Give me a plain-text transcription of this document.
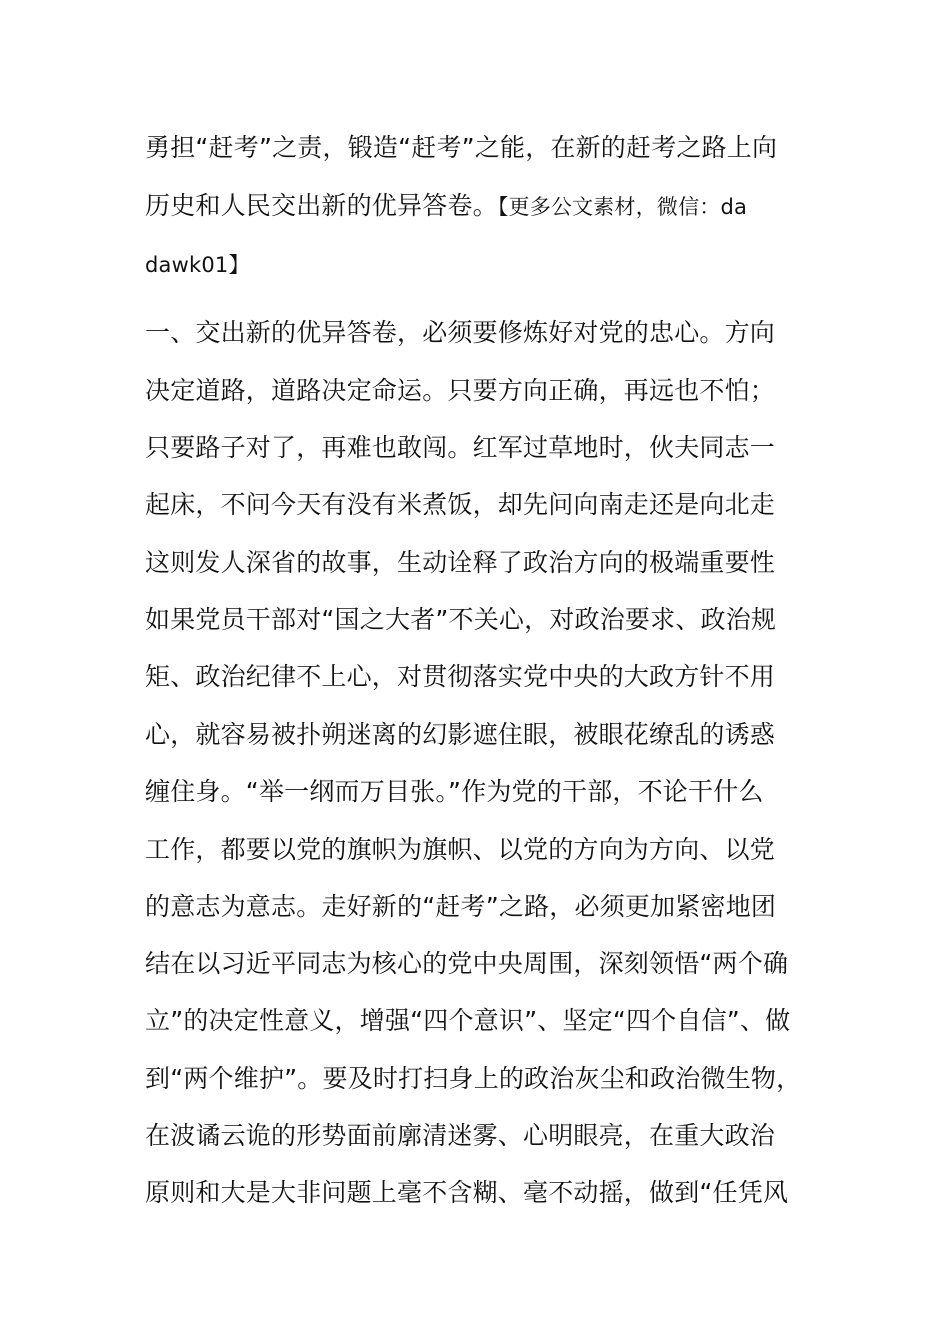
勇担“赶考”之责，锻造“赶考”之能，在新的赶考之路上向
历史和人民交出新的优异答卷。【更多公文素材，微信：da
dawk01】
一、交出新的优异答卷，必须要修炼好对党的忠心。方向
决定道路，道路决定命运。只要方向正确，再远也不怕；
只要路子对了，再难也敢闯。红军过草地时，伙夫同志一
起床，不问今天有没有米煮饭，却先问向南走还是向北走
这则发人深省的故事，生动诠释了政治方向的极端重要性
如果党员干部对“国之大者”不关心，对政治要求、政治规
矩、政治纪律不上心，对贯彻落实党中央的大政方针不用
心，就容易被扑朔迷离的幻影遮住眼，被眼花缭乱的诱惑
缠住身。“举一纲而万目张。”作为党的干部，不论干什么
工作，都要以党的旗帜为旗帜、以党的方向为方向、以党
的意志为意志。走好新的“赶考”之路，必须更加紧密地团
结在以习近平同志为核心的党中央周围，深刻领悟“两个确
立”的决定性意义，增强“四个意识”、坚定“四个自信”、做
到“两个维护”。要及时打扫身上的政治灰尘和政治微生物，
在波谲云诡的形势面前廓清迷雾、心明眼亮，在重大政治
原则和大是大非问题上毫不含糊、毫不动摇，做到“任凭风
